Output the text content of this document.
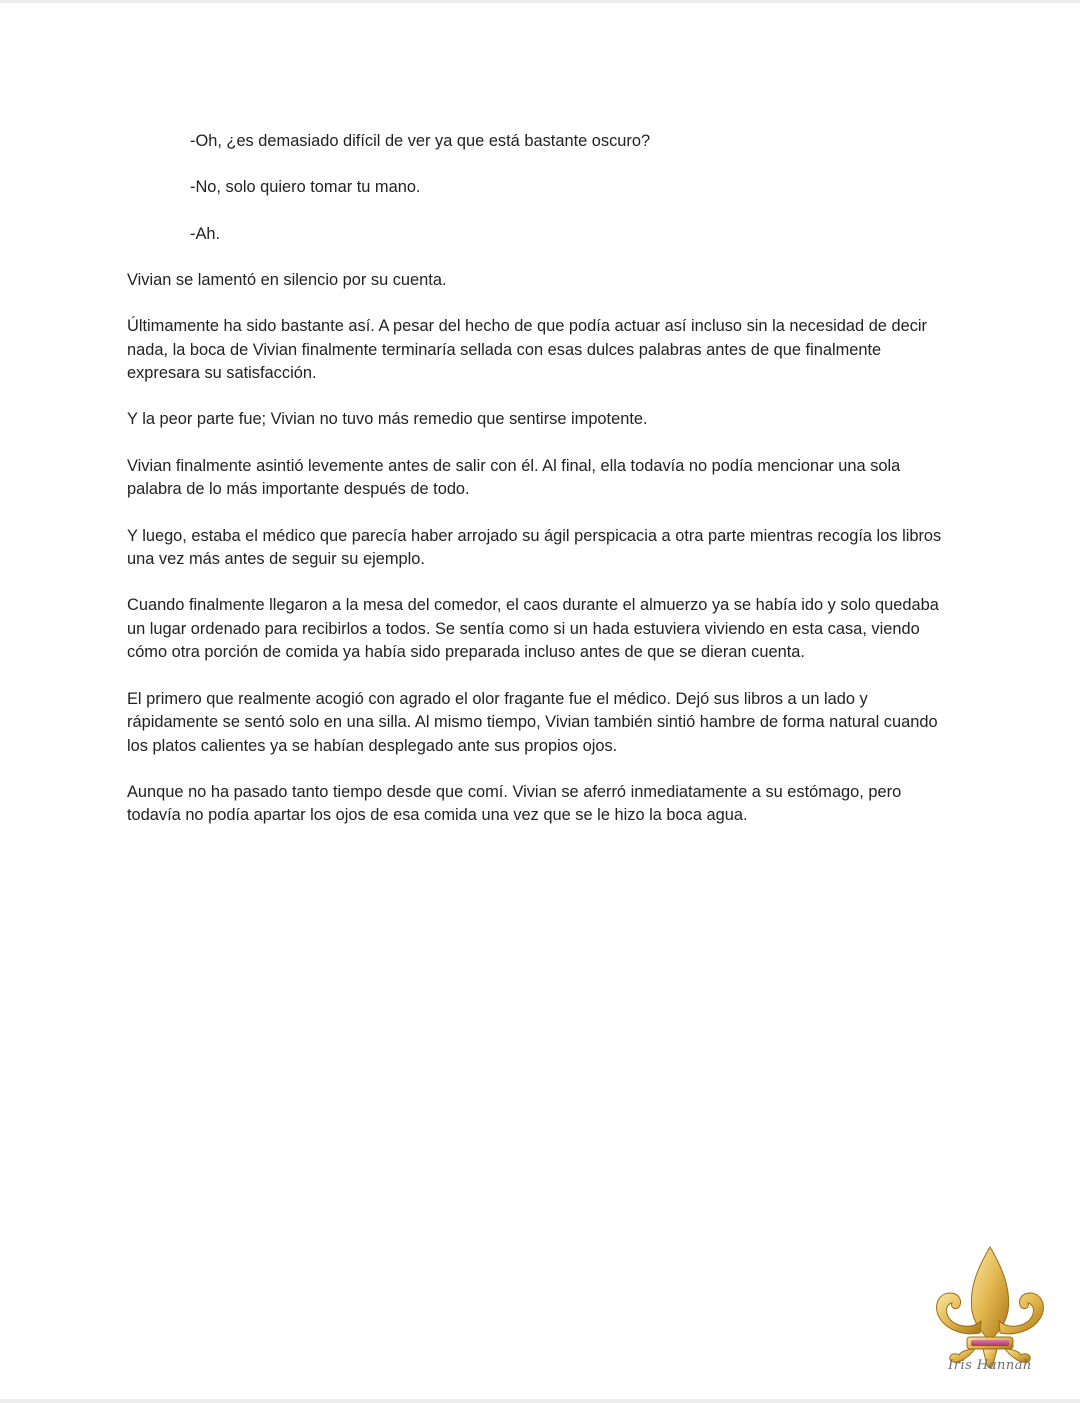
-Oh, ¿es demasiado difícil de ver ya que está bastante oscuro?

-No, solo quiero tomar tu mano.

-Ah.

Vivian se lamentó en silencio por su cuenta.

Últimamente ha sido bastante así. A pesar del hecho de que podía actuar así incluso sin la necesidad de decir nada, la boca de Vivian finalmente terminaría sellada con esas dulces palabras antes de que finalmente expresara su satisfacción.

Y la peor parte fue; Vivian no tuvo más remedio que sentirse impotente.

Vivian finalmente asintió levemente antes de salir con él. Al final, ella todavía no podía mencionar una sola palabra de lo más importante después de todo.

Y luego, estaba el médico que parecía haber arrojado su ágil perspicacia a otra parte mientras recogía los libros una vez más antes de seguir su ejemplo.

Cuando finalmente llegaron a la mesa del comedor, el caos durante el almuerzo ya se había ido y solo quedaba un lugar ordenado para recibirlos a todos. Se sentía como si un hada estuviera viviendo en esta casa, viendo cómo otra porción de comida ya había sido preparada incluso antes de que se dieran cuenta.

El primero que realmente acogió con agrado el olor fragante fue el médico. Dejó sus libros a un lado y rápidamente se sentó solo en una silla. Al mismo tiempo, Vivian también sintió hambre de forma natural cuando los platos calientes ya se habían desplegado ante sus propios ojos.

Aunque no ha pasado tanto tiempo desde que comí. Vivian se aferró inmediatamente a su estómago, pero todavía no podía apartar los ojos de esa comida una vez que se le hizo la boca agua.

Iris Hannah
